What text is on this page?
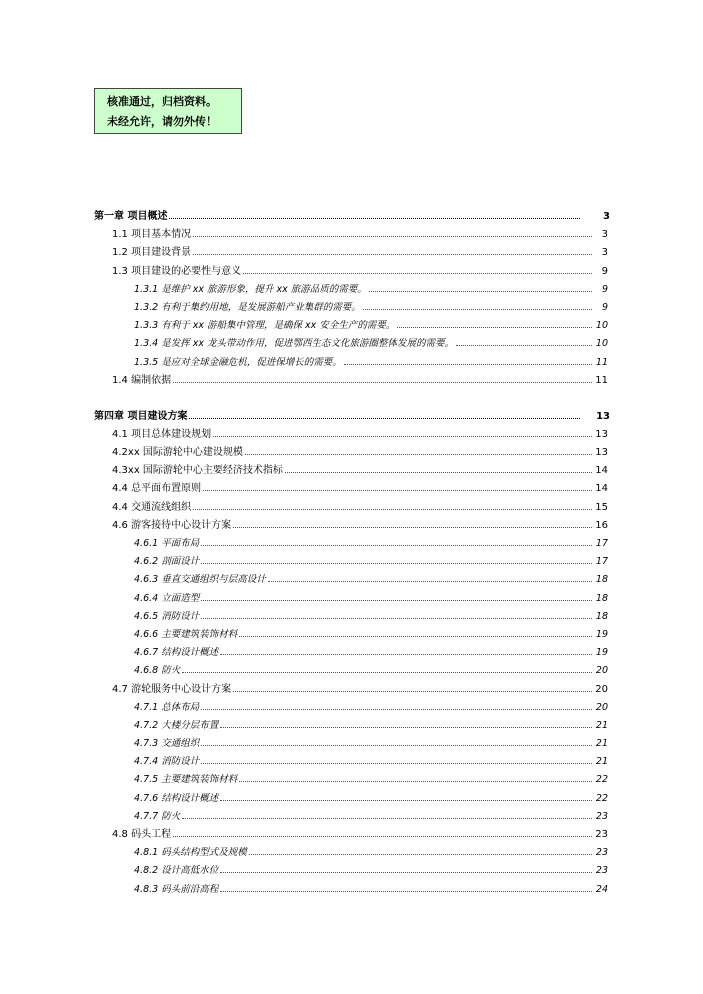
核准通过，归档资料。
未经允许，请勿外传！
第一章 项目概述	3
1.1 项目基本情况	3
1.2 项目建设背景	3
1.3 项目建设的必要性与意义	9
1.3.1 是维护 xx 旅游形象，提升 xx 旅游品质的需要。	9
1.3.2 有利于集约用地，是发展游船产业集群的需要。	9
1.3.3 有利于 xx 游船集中管理，是确保 xx 安全生产的需要。	10
1.3.4 是发挥 xx 龙头带动作用，促进鄂西生态文化旅游圈整体发展的需要。	10
1.3.5 是应对全球金融危机，促进保增长的需要。	11
1.4 编制依据	11
第四章 项目建设方案	13
4.1 项目总体建设规划	13
4.2xx 国际游轮中心建设规模	13
4.3xx 国际游轮中心主要经济技术指标	14
4.4 总平面布置原则	14
4.4 交通流线组织	15
4.6 游客接待中心设计方案	16
4.6.1 平面布局	17
4.6.2 剖面设计	17
4.6.3 垂直交通组织与层高设计	18
4.6.4 立面造型	18
4.6.5 消防设计	18
4.6.6 主要建筑装饰材料	19
4.6.7 结构设计概述	19
4.6.8 防火	20
4.7 游轮服务中心设计方案	20
4.7.1 总体布局	20
4.7.2 大楼分层布置	21
4.7.3 交通组织	21
4.7.4 消防设计	21
4.7.5 主要建筑装饰材料	22
4.7.6 结构设计概述	22
4.7.7 防火	23
4.8 码头工程	23
4.8.1 码头结构型式及规模	23
4.8.2 设计高低水位	23
4.8.3 码头前沿高程	24
